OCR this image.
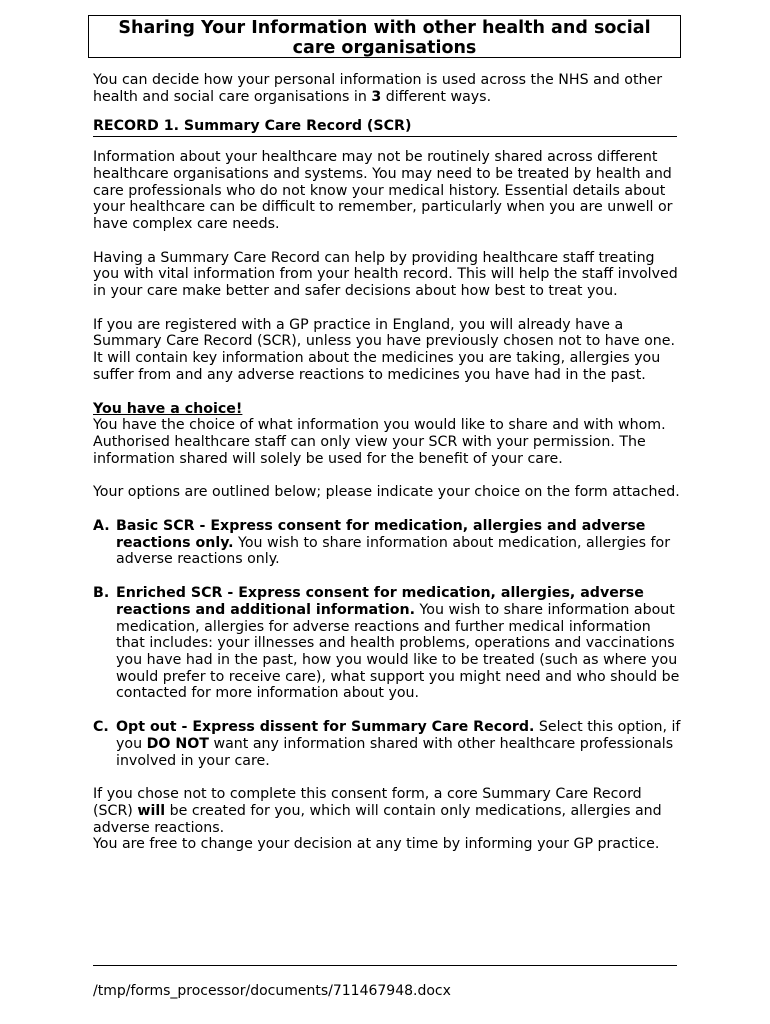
Sharing Your Information with other health and social
care organisations

You can decide how your personal information is used across the NHS and other health and social care organisations in 3 different ways.

RECORD 1. Summary Care Record (SCR)

Information about your healthcare may not be routinely shared across different healthcare organisations and systems. You may need to be treated by health and care professionals who do not know your medical history. Essential details about your healthcare can be difficult to remember, particularly when you are unwell or have complex care needs.

Having a Summary Care Record can help by providing healthcare staff treating you with vital information from your health record. This will help the staff involved in your care make better and safer decisions about how best to treat you.

If you are registered with a GP practice in England, you will already have a Summary Care Record (SCR), unless you have previously chosen not to have one. It will contain key information about the medicines you are taking, allergies you suffer from and any adverse reactions to medicines you have had in the past.

You have a choice!

You have the choice of what information you would like to share and with whom. Authorised healthcare staff can only view your SCR with your permission. The information shared will solely be used for the benefit of your care.

Your options are outlined below; please indicate your choice on the form attached.

A. Basic SCR - Express consent for medication, allergies and adverse reactions only. You wish to share information about medication, allergies for adverse reactions only.
B. Enriched SCR - Express consent for medication, allergies, adverse reactions and additional information. You wish to share information about medication, allergies for adverse reactions and further medical information that includes: your illnesses and health problems, operations and vaccinations you have had in the past, how you would like to be treated (such as where you would prefer to receive care), what support you might need and who should be contacted for more information about you.
C. Opt out - Express dissent for Summary Care Record. Select this option, if you DO NOT want any information shared with other healthcare professionals involved in your care.

If you chose not to complete this consent form, a core Summary Care Record (SCR) will be created for you, which will contain only medications, allergies and adverse reactions.

You are free to change your decision at any time by informing your GP practice.

/tmp/forms_processor/documents/711467948.docx
